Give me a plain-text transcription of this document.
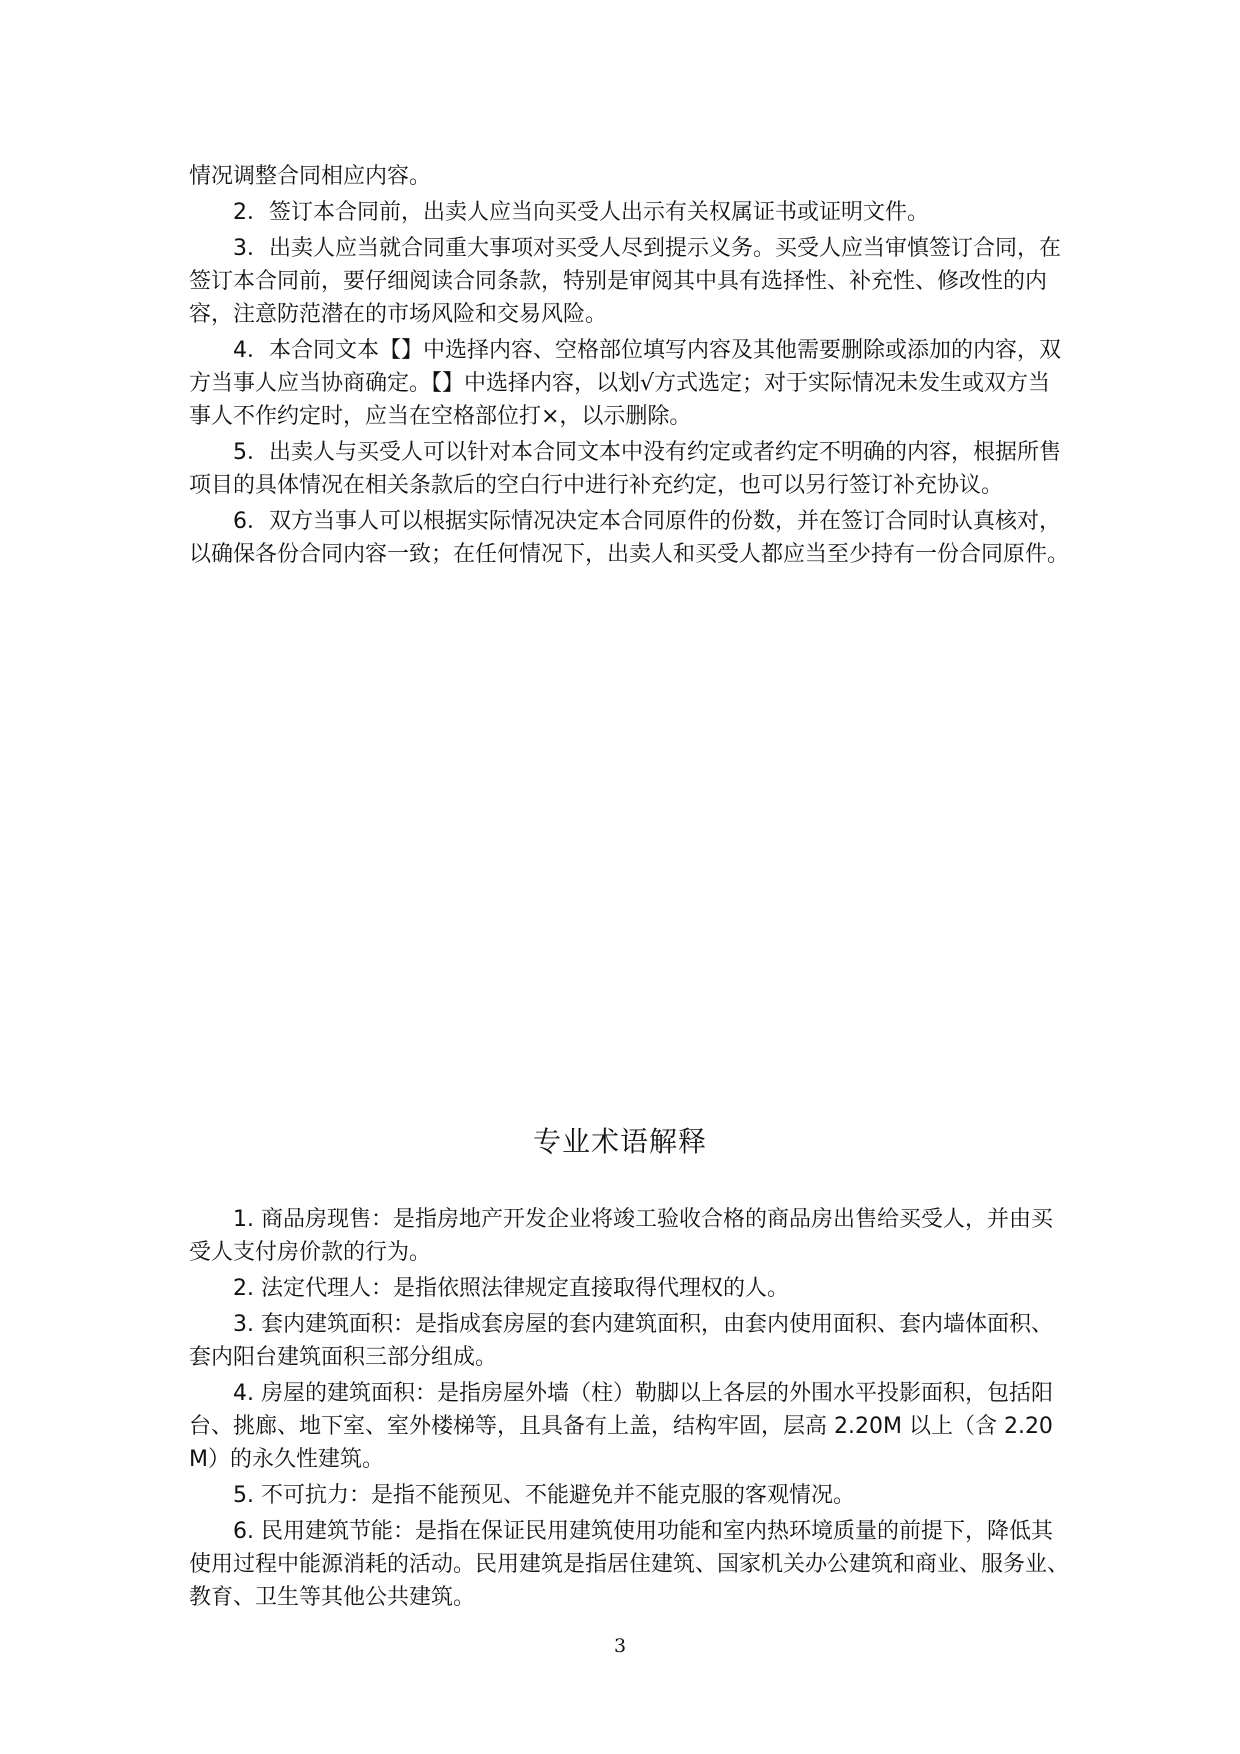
情况调整合同相应内容。

2．签订本合同前，出卖人应当向买受人出示有关权属证书或证明文件。

3．出卖人应当就合同重大事项对买受人尽到提示义务。买受人应当审慎签订合同，在签订本合同前，要仔细阅读合同条款，特别是审阅其中具有选择性、补充性、修改性的内容，注意防范潜在的市场风险和交易风险。

4．本合同文本【】中选择内容、空格部位填写内容及其他需要删除或添加的内容，双方当事人应当协商确定。【】中选择内容，以划√方式选定；对于实际情况未发生或双方当事人不作约定时，应当在空格部位打×，以示删除。

5．出卖人与买受人可以针对本合同文本中没有约定或者约定不明确的内容，根据所售项目的具体情况在相关条款后的空白行中进行补充约定，也可以另行签订补充协议。

6．双方当事人可以根据实际情况决定本合同原件的份数，并在签订合同时认真核对，以确保各份合同内容一致；在任何情况下，出卖人和买受人都应当至少持有一份合同原件。

专业术语解释

1. 商品房现售：是指房地产开发企业将竣工验收合格的商品房出售给买受人，并由买受人支付房价款的行为。

2. 法定代理人：是指依照法律规定直接取得代理权的人。

3. 套内建筑面积：是指成套房屋的套内建筑面积，由套内使用面积、套内墙体面积、套内阳台建筑面积三部分组成。

4. 房屋的建筑面积：是指房屋外墙（柱）勒脚以上各层的外围水平投影面积，包括阳台、挑廊、地下室、室外楼梯等，且具备有上盖，结构牢固，层高 2.20M 以上（含 2.20M）的永久性建筑。

5. 不可抗力：是指不能预见、不能避免并不能克服的客观情况。

6. 民用建筑节能：是指在保证民用建筑使用功能和室内热环境质量的前提下，降低其使用过程中能源消耗的活动。民用建筑是指居住建筑、国家机关办公建筑和商业、服务业、教育、卫生等其他公共建筑。

3
